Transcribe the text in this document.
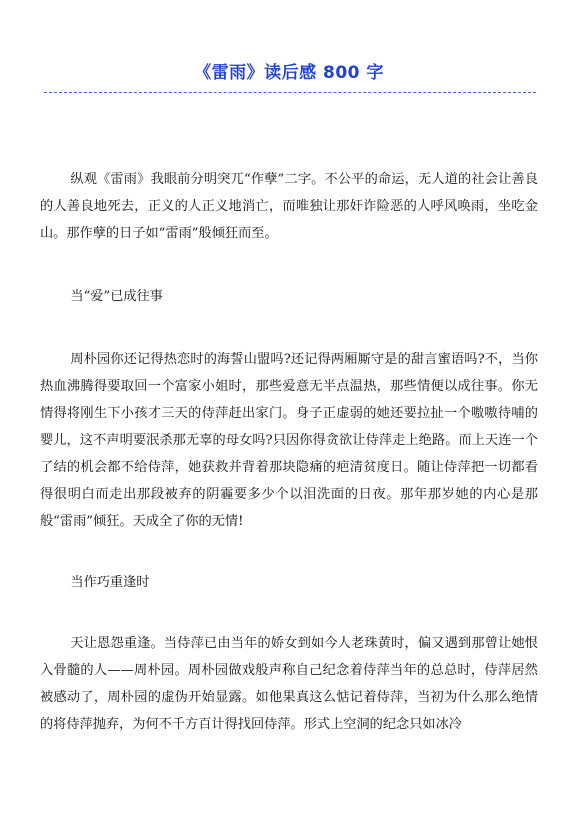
《雷雨》读后感 800 字

纵观《雷雨》我眼前分明突兀“作孽”二字。不公平的命运，无人道的社会让善良的人善良地死去，正义的人正义地消亡，而唯独让那奸诈险恶的人呼风唤雨，坐吃金山。那作孽的日子如“雷雨”般倾狂而至。

当“爱”已成往事

周朴园你还记得热恋时的海誓山盟吗?还记得两厢厮守是的甜言蜜语吗?不，当你热血沸腾得要取回一个富家小姐时，那些爱意无半点温热，那些情便以成往事。你无情得将刚生下小孩才三天的侍萍赶出家门。身子正虚弱的她还要拉扯一个嗷嗷待哺的婴儿，这不声明要泯杀那无辜的母女吗?只因你得贪欲让侍萍走上绝路。而上天连一个了结的机会都不给侍萍，她获救并背着那块隐痛的疤清贫度日。随让侍萍把一切都看得很明白而走出那段被弃的阴霾要多少个以泪洗面的日夜。那年那岁她的内心是那般“雷雨”倾狂。天成全了你的无情!

当作巧重逢时

天让恩怨重逢。当侍萍已由当年的娇女到如今人老珠黄时，偏又遇到那曾让她恨入骨髓的人——周朴园。周朴园做戏般声称自己纪念着侍萍当年的总总时，侍萍居然被感动了，周朴园的虚伪开始显露。如他果真这么惦记着侍萍，当初为什么那么绝情的将侍萍抛弃，为何不千方百计得找回侍萍。形式上空洞的纪念只如冰冷
